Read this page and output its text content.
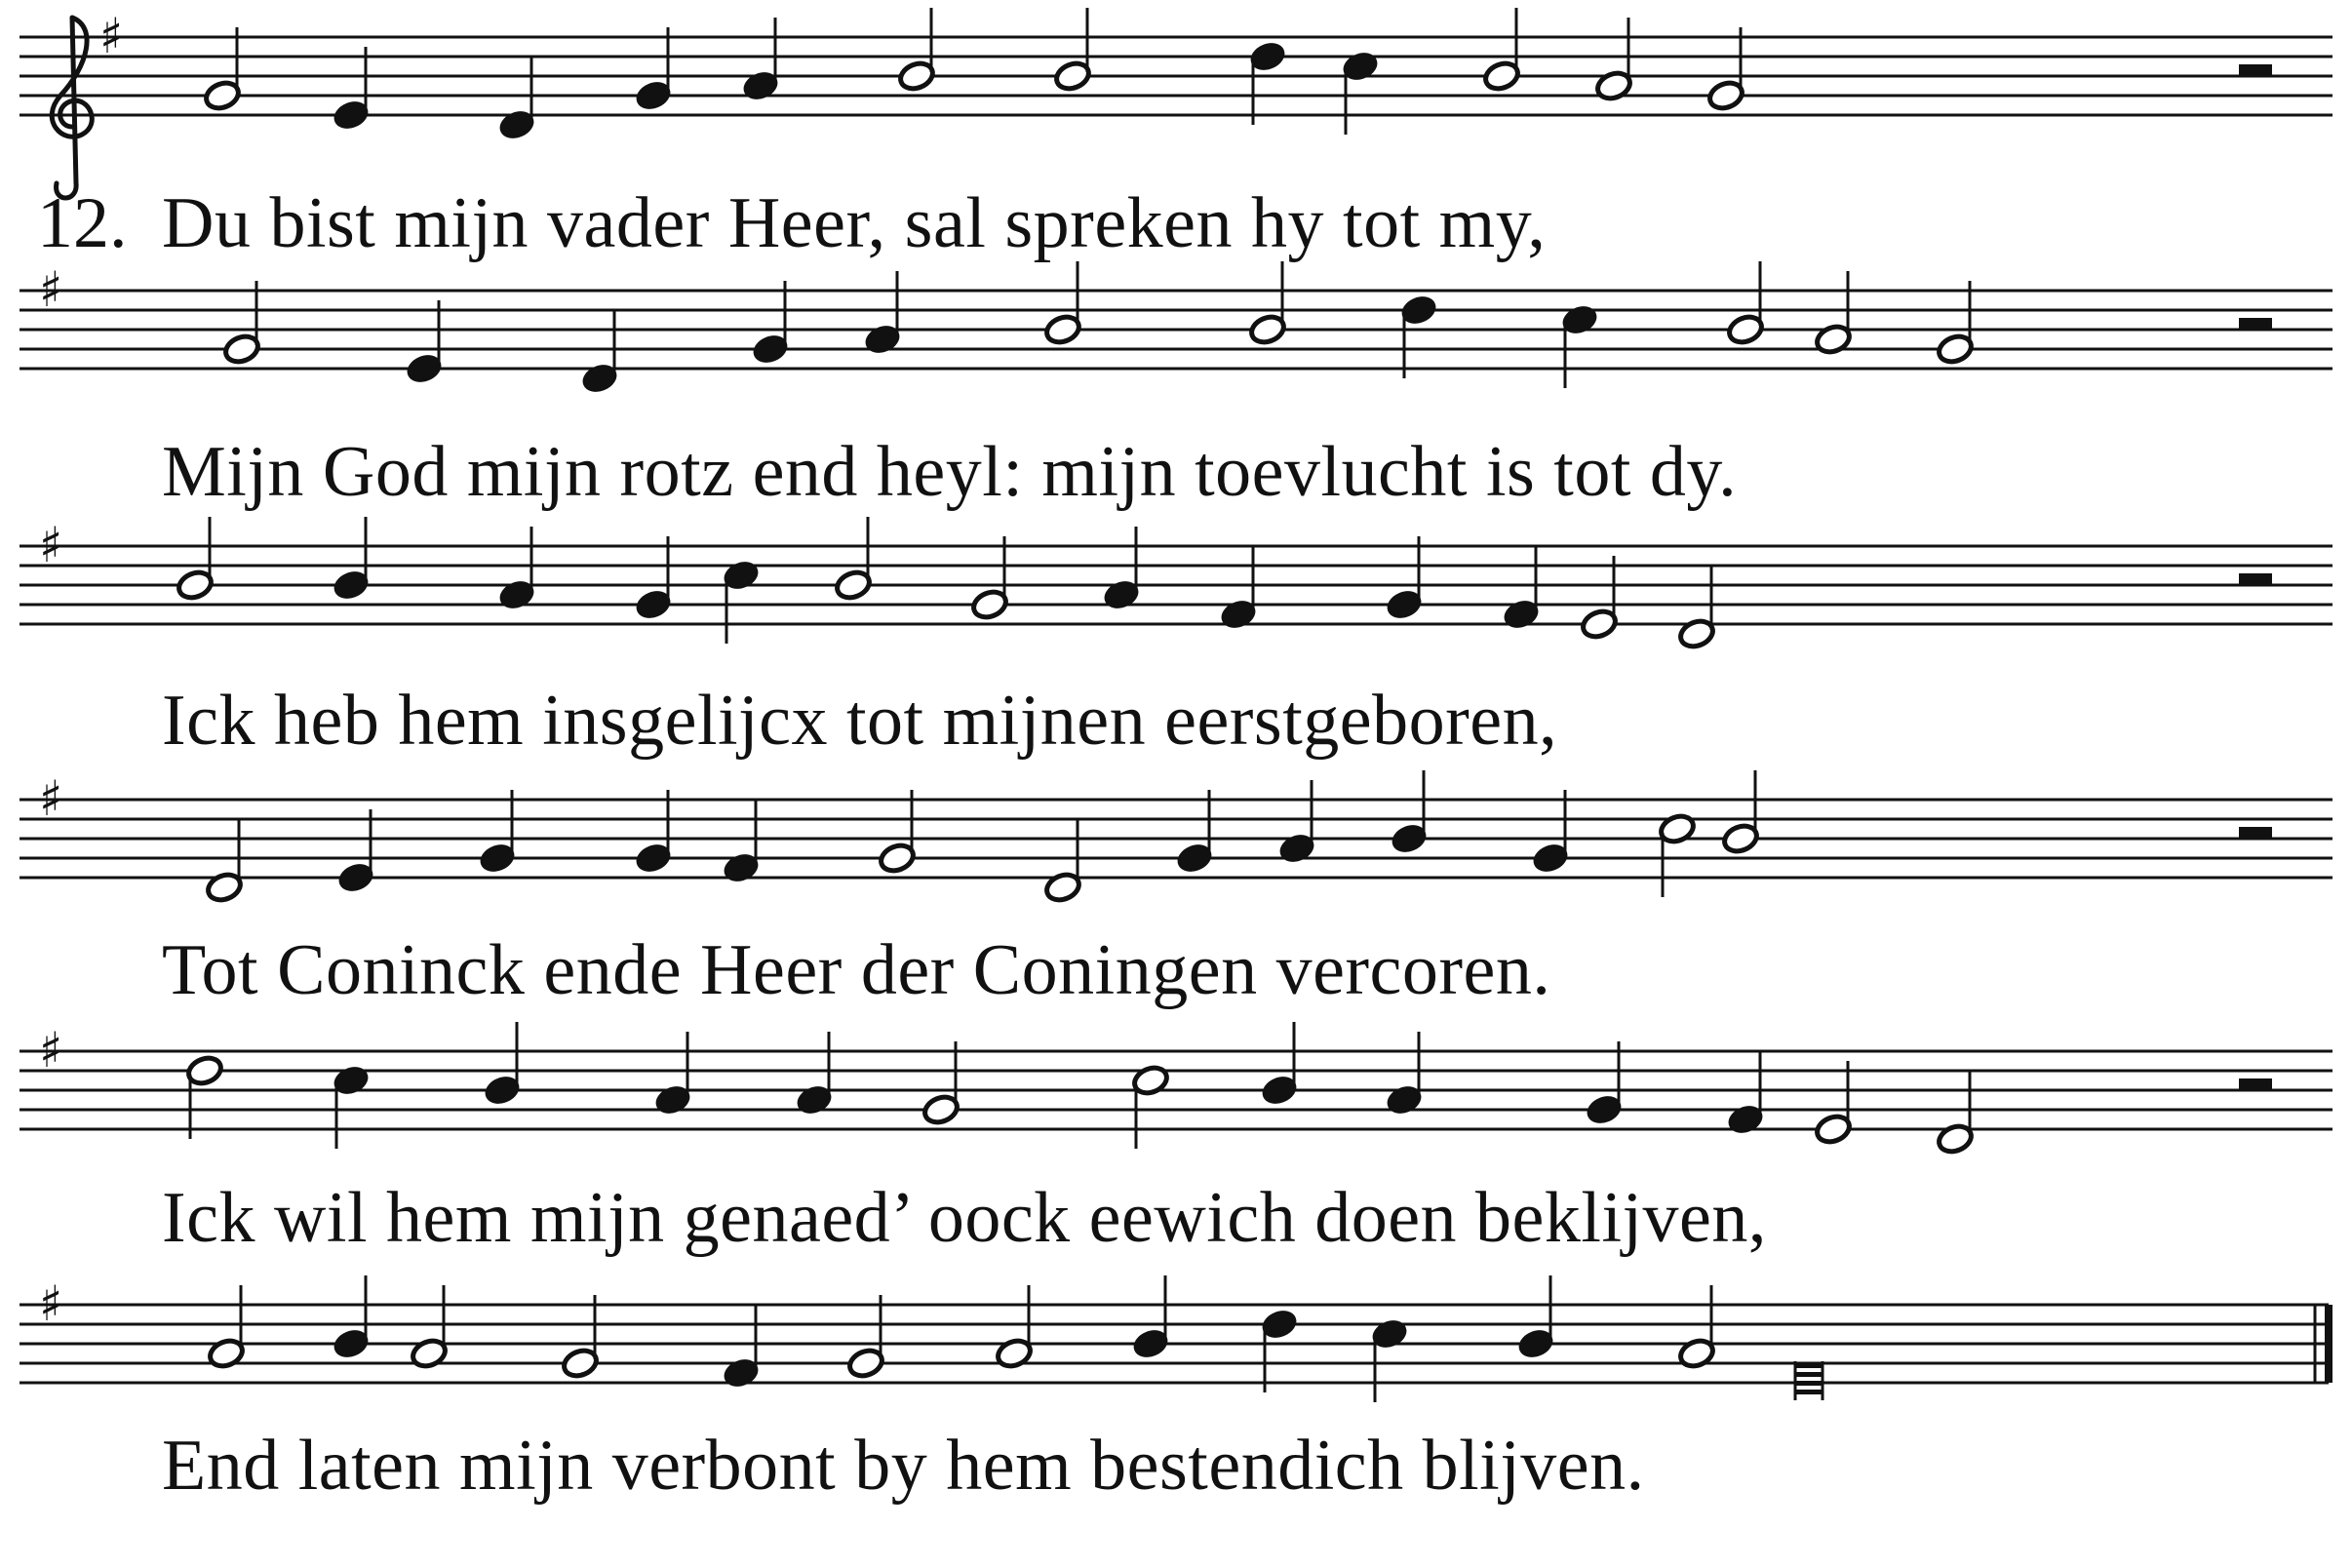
♯
♯
♯
♯
♯
♯
12. Du bist mijn vader Heer, sal spreken hy tot my,
Mijn God mijn rotz end heyl: mijn toevlucht is tot dy.
Ick heb hem insgelijcx tot mijnen eerstgeboren,
Tot Coninck ende Heer der Coningen vercoren.
Ick wil hem mijn genaed’ oock eewich doen beklijven,
End laten mijn verbont by hem bestendich blijven.
